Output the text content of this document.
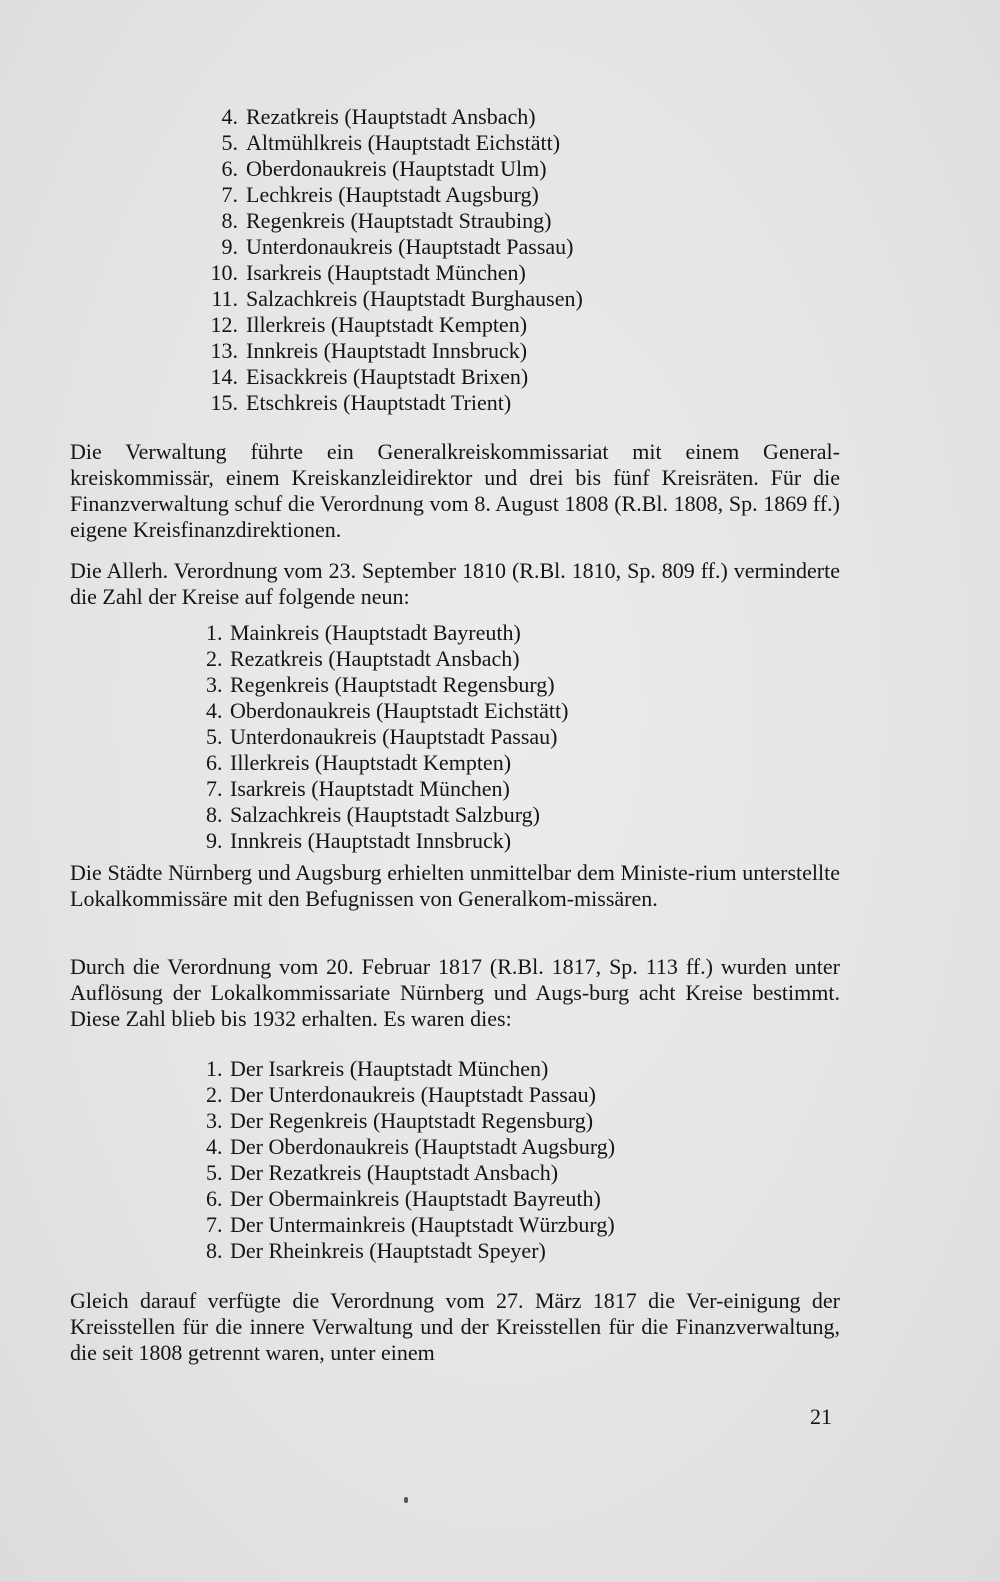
4. Rezatkreis (Hauptstadt Ansbach)
5. Altmühlkreis (Hauptstadt Eichstätt)
6. Oberdonaukreis (Hauptstadt Ulm)
7. Lechkreis (Hauptstadt Augsburg)
8. Regenkreis (Hauptstadt Straubing)
9. Unterdonaukreis (Hauptstadt Passau)
10. Isarkreis (Hauptstadt München)
11. Salzachkreis (Hauptstadt Burghausen)
12. Illerkreis (Hauptstadt Kempten)
13. Innkreis (Hauptstadt Innsbruck)
14. Eisackkreis (Hauptstadt Brixen)
15. Etschkreis (Hauptstadt Trient)
Die Verwaltung führte ein Generalkreiskommissariat mit einem General-kreiskommissär, einem Kreiskanzleidirektor und drei bis fünf Kreisräten. Für die Finanzverwaltung schuf die Verordnung vom 8. August 1808 (R.Bl. 1808, Sp. 1869 ff.) eigene Kreisfinanzdirektionen.
Die Allerh. Verordnung vom 23. September 1810 (R.Bl. 1810, Sp. 809 ff.) verminderte die Zahl der Kreise auf folgende neun:
1. Mainkreis (Hauptstadt Bayreuth)
2. Rezatkreis (Hauptstadt Ansbach)
3. Regenkreis (Hauptstadt Regensburg)
4. Oberdonaukreis (Hauptstadt Eichstätt)
5. Unterdonaukreis (Hauptstadt Passau)
6. Illerkreis (Hauptstadt Kempten)
7. Isarkreis (Hauptstadt München)
8. Salzachkreis (Hauptstadt Salzburg)
9. Innkreis (Hauptstadt Innsbruck)
Die Städte Nürnberg und Augsburg erhielten unmittelbar dem Ministe-rium unterstellte Lokalkommissäre mit den Befugnissen von Generalkom-missären.
Durch die Verordnung vom 20. Februar 1817 (R.Bl. 1817, Sp. 113 ff.) wurden unter Auflösung der Lokalkommissariate Nürnberg und Augs-burg acht Kreise bestimmt. Diese Zahl blieb bis 1932 erhalten. Es waren dies:
1. Der Isarkreis (Hauptstadt München)
2. Der Unterdonaukreis (Hauptstadt Passau)
3. Der Regenkreis (Hauptstadt Regensburg)
4. Der Oberdonaukreis (Hauptstadt Augsburg)
5. Der Rezatkreis (Hauptstadt Ansbach)
6. Der Obermainkreis (Hauptstadt Bayreuth)
7. Der Untermainkreis (Hauptstadt Würzburg)
8. Der Rheinkreis (Hauptstadt Speyer)
Gleich darauf verfügte die Verordnung vom 27. März 1817 die Ver-einigung der Kreisstellen für die innere Verwaltung und der Kreisstellen für die Finanzverwaltung, die seit 1808 getrennt waren, unter einem
21
